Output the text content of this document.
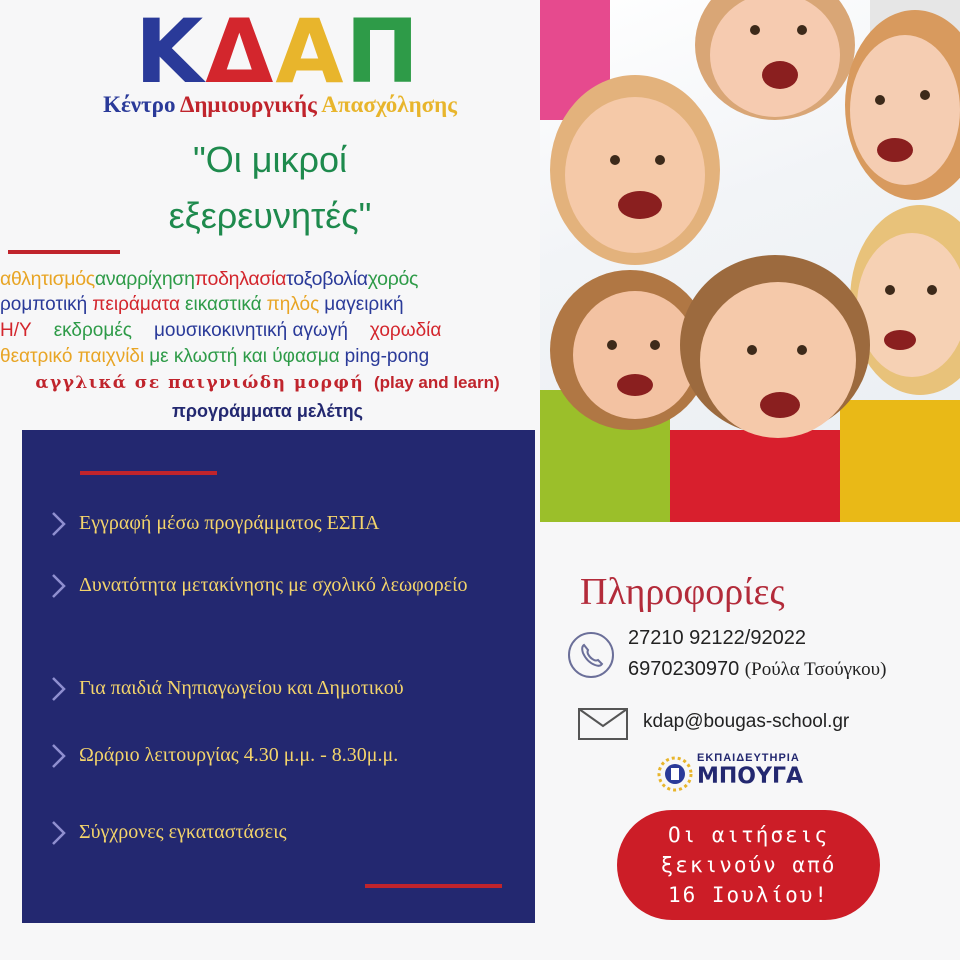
ΚΔΑΠ
Κέντρο Δημιουργικής Απασχόλησης
"Οι μικροί
εξερευνητές"
αθλητισμόςαναρρίχησηποδηλασίατοξοβολίαχορός
ρομποτική πειράματα εικαστικά πηλός μαγειρική
Η/Υ εκδρομές μουσικοκινητική αγωγή χορωδία
θεατρικό παιχνίδι με κλωστή και ύφασμα ping-pong
αγγλικά σε παιγνιώδη μορφή (play and learn)
προγράμματα μελέτης
Εγγραφή μέσω προγράμματος ΕΣΠΑ
Δυνατότητα μετακίνησης με σχολικό λεωφορείο
Για παιδιά Νηπιαγωγείου και Δημοτικού
Ωράριο λειτουργίας 4.30 μ.μ. - 8.30μ.μ.
Σύγχρονες εγκαταστάσεις
Πληροφορίες
27210 92122/92022
6970230970 (Ρούλα Τσούγκου)
kdap@bougas-school.gr
ΕΚΠΑΙΔΕΥΤΗΡΙΑ
ΜΠΟΥΓΑ
Οι αιτήσεις
ξεκινούν από
16 Ιουλίου!
